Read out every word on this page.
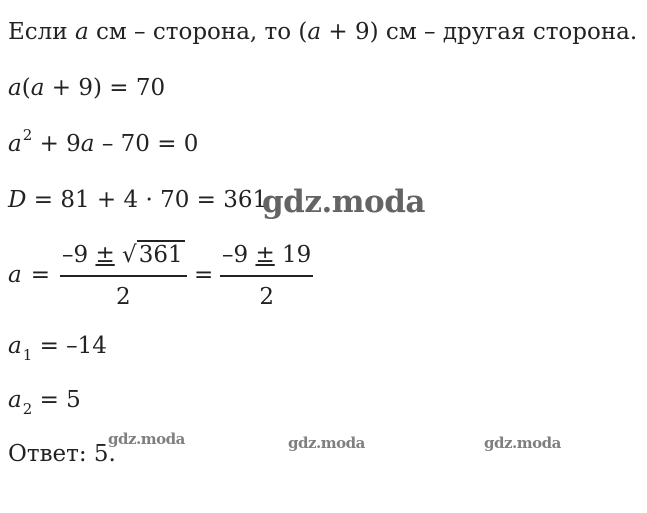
Если a см – сторона, то (a + 9) см – другая сторона.
a(a + 9) = 70
$a^2 + 9a - 70 = 0$
D = 81 + 4 · 70 = 361
$a = \frac{-9 \pm √361}{2} = \frac{-9 \pm 19}{2}$
$a_1 = -14$
$a_2 = 5$
Ответ: 5.
gdz.moda
gdz.moda	gdz.moda	gdz.moda
